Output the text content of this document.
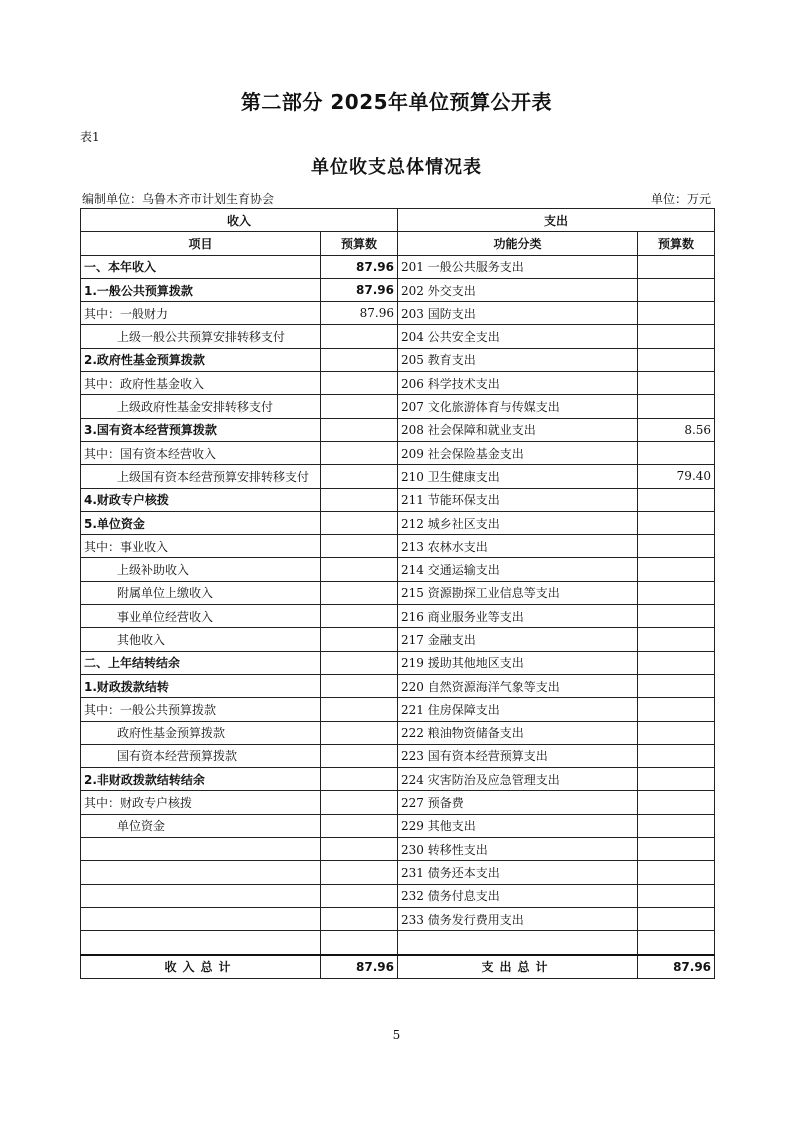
第二部分 2025年单位预算公开表
表1
单位收支总体情况表
编制单位：乌鲁木齐市计划生育协会	单位：万元
收入		支出	
项目	预算数	功能分类	预算数
一、本年收入	87.96	201 一般公共服务支出	
1.一般公共预算拨款	87.96	202 外交支出	
其中：一般财力	87.96	203 国防支出	
上级一般公共预算安排转移支付		204 公共安全支出	
2.政府性基金预算拨款		205 教育支出	
其中：政府性基金收入		206 科学技术支出	
上级政府性基金安排转移支付		207 文化旅游体育与传媒支出	
3.国有资本经营预算拨款		208 社会保障和就业支出	8.56
其中：国有资本经营收入		209 社会保险基金支出	
上级国有资本经营预算安排转移支付		210 卫生健康支出	79.40
4.财政专户核拨		211 节能环保支出	
5.单位资金		212 城乡社区支出	
其中：事业收入		213 农林水支出	
上级补助收入		214 交通运输支出	
附属单位上缴收入		215 资源勘探工业信息等支出	
事业单位经营收入		216 商业服务业等支出	
其他收入		217 金融支出	
二、上年结转结余		219 援助其他地区支出	
1.财政拨款结转		220 自然资源海洋气象等支出	
其中：一般公共预算拨款		221 住房保障支出	
政府性基金预算拨款		222 粮油物资储备支出	
国有资本经营预算拨款		223 国有资本经营预算支出	
2.非财政拨款结转结余		224 灾害防治及应急管理支出	
其中：财政专户核拨		227 预备费	
单位资金		229 其他支出	
		230 转移性支出	
		231 债务还本支出	
		232 债务付息支出	
		233 债务发行费用支出	

收入总计	87.96	支出总计	87.96
5
